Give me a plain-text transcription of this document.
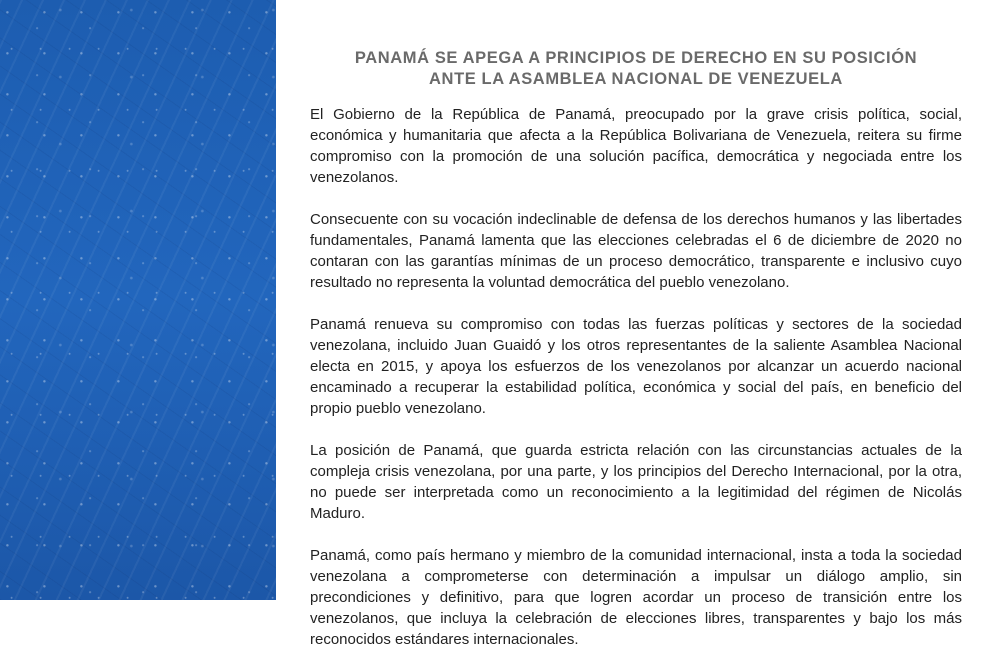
PANAMÁ SE APEGA A PRINCIPIOS DE DERECHO EN SU POSICIÓN
ANTE LA ASAMBLEA NACIONAL DE VENEZUELA

El Gobierno de la República de Panamá, preocupado por la grave crisis política, social, económica y humanitaria que afecta a la República Bolivariana de Venezuela, reitera su firme compromiso con la promoción de una solución pacífica, democrática y negociada entre los venezolanos.

Consecuente con su vocación indeclinable de defensa de los derechos humanos y las libertades fundamentales, Panamá lamenta que las elecciones celebradas el 6 de diciembre de 2020 no contaran con las garantías mínimas de un proceso democrático, transparente e inclusivo cuyo resultado no representa la voluntad democrática del pueblo venezolano.

Panamá renueva su compromiso con todas las fuerzas políticas y sectores de la sociedad venezolana, incluido Juan Guaidó y los otros representantes de la saliente Asamblea Nacional electa en 2015, y apoya los esfuerzos de los venezolanos por alcanzar un acuerdo nacional encaminado a recuperar la estabilidad política, económica y social del país, en beneficio del propio pueblo venezolano.

La posición de Panamá, que guarda estricta relación con las circunstancias actuales de la compleja crisis venezolana, por una parte, y los principios del Derecho Internacional, por la otra, no puede ser interpretada como un reconocimiento a la legitimidad del régimen de Nicolás Maduro.

Panamá, como país hermano y miembro de la comunidad internacional, insta a toda la sociedad venezolana a comprometerse con determinación a impulsar un diálogo amplio, sin precondiciones y definitivo, para que logren acordar un proceso de transición entre los venezolanos, que incluya la celebración de elecciones libres, transparentes y bajo los más reconocidos estándares internacionales.
